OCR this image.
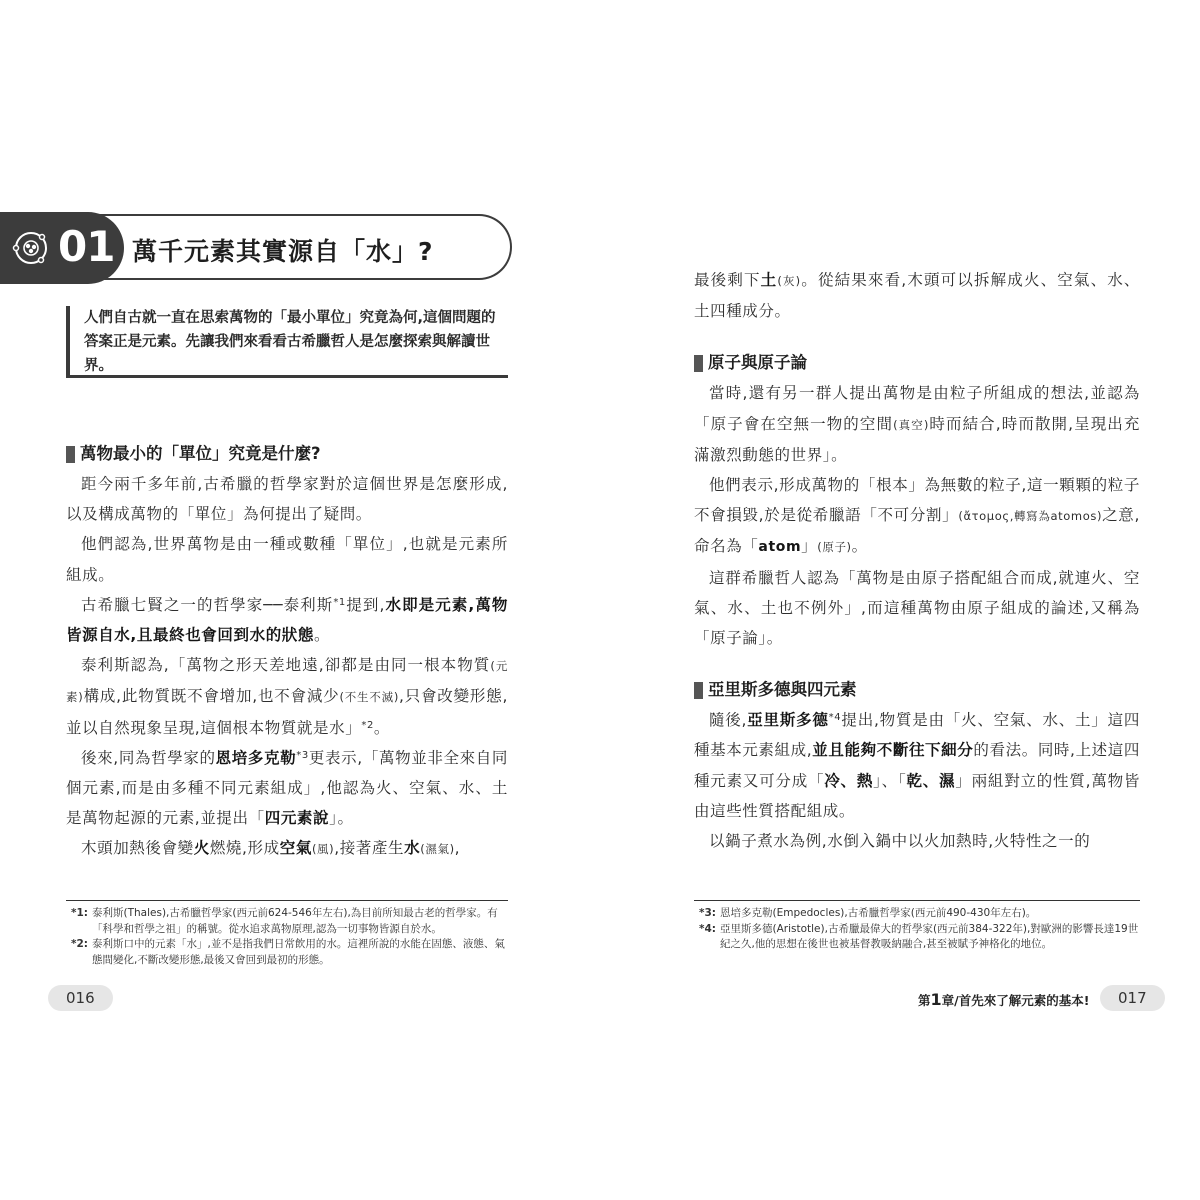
01 萬千元素其實源自「水」?
人們自古就一直在思索萬物的「最小單位」究竟為何,這個問題的答案正是元素。先讓我們來看看古希臘哲人是怎麼探索與解讀世界。
萬物最小的「單位」究竟是什麼?

距今兩千多年前,古希臘的哲學家對於這個世界是怎麼形成,以及構成萬物的「單位」為何提出了疑問。

他們認為,世界萬物是由一種或數種「單位」,也就是元素所組成。

古希臘七賢之一的哲學家──泰利斯$^{*1}$提到,水即是元素,萬物皆源自水,且最終也會回到水的狀態。

泰利斯認為,「萬物之形天差地遠,卻都是由同一根本物質(元素)構成,此物質既不會增加,也不會減少(不生不滅),只會改變形態,並以自然現象呈現,這個根本物質就是水」$^{*2}$。

後來,同為哲學家的恩培多克勒$^{*3}$更表示,「萬物並非全來自同個元素,而是由多種不同元素組成」,他認為火、空氣、水、土是萬物起源的元素,並提出「四元素說」。

木頭加熱後會變火燃燒,形成空氣(風),接著產生水(濕氣),

*1: 泰利斯(Thales),古希臘哲學家(西元前624-546年左右),為目前所知最古老的哲學家。有「科學和哲學之祖」的稱號。從水追求萬物原理,認為一切事物皆源自於水。
*2: 泰利斯口中的元素「水」,並不是指我們日常飲用的水。這裡所說的水能在固態、液態、氣態間變化,不斷改變形態,最後又會回到最初的形態。
016

最後剩下土(灰)。從結果來看,木頭可以拆解成火、空氣、水、土四種成分。

原子與原子論

當時,還有另一群人提出萬物是由粒子所組成的想法,並認為「原子會在空無一物的空間(真空)時而結合,時而散開,呈現出充滿激烈動態的世界」。

他們表示,形成萬物的「根本」為無數的粒子,這一顆顆的粒子不會損毀,於是從希臘語「不可分割」(ἄτομος,轉寫為atomos)之意,命名為「atom」(原子)。

這群希臘哲人認為「萬物是由原子搭配組合而成,就連火、空氣、水、土也不例外」,而這種萬物由原子組成的論述,又稱為「原子論」。

亞里斯多德與四元素

隨後,亞里斯多德$^{*4}$提出,物質是由「火、空氣、水、土」這四種基本元素組成,並且能夠不斷往下細分的看法。同時,上述這四種元素又可分成「冷、熱」、「乾、濕」兩組對立的性質,萬物皆由這些性質搭配組成。

以鍋子煮水為例,水倒入鍋中以火加熱時,火特性之一的

*3: 恩培多克勒(Empedocles),古希臘哲學家(西元前490-430年左右)。
*4: 亞里斯多德(Aristotle),古希臘最偉大的哲學家(西元前384-322年),對歐洲的影響長達19世紀之久,他的思想在後世也被基督教吸納融合,甚至被賦予神格化的地位。
第1章/首先來了解元素的基本!	017
